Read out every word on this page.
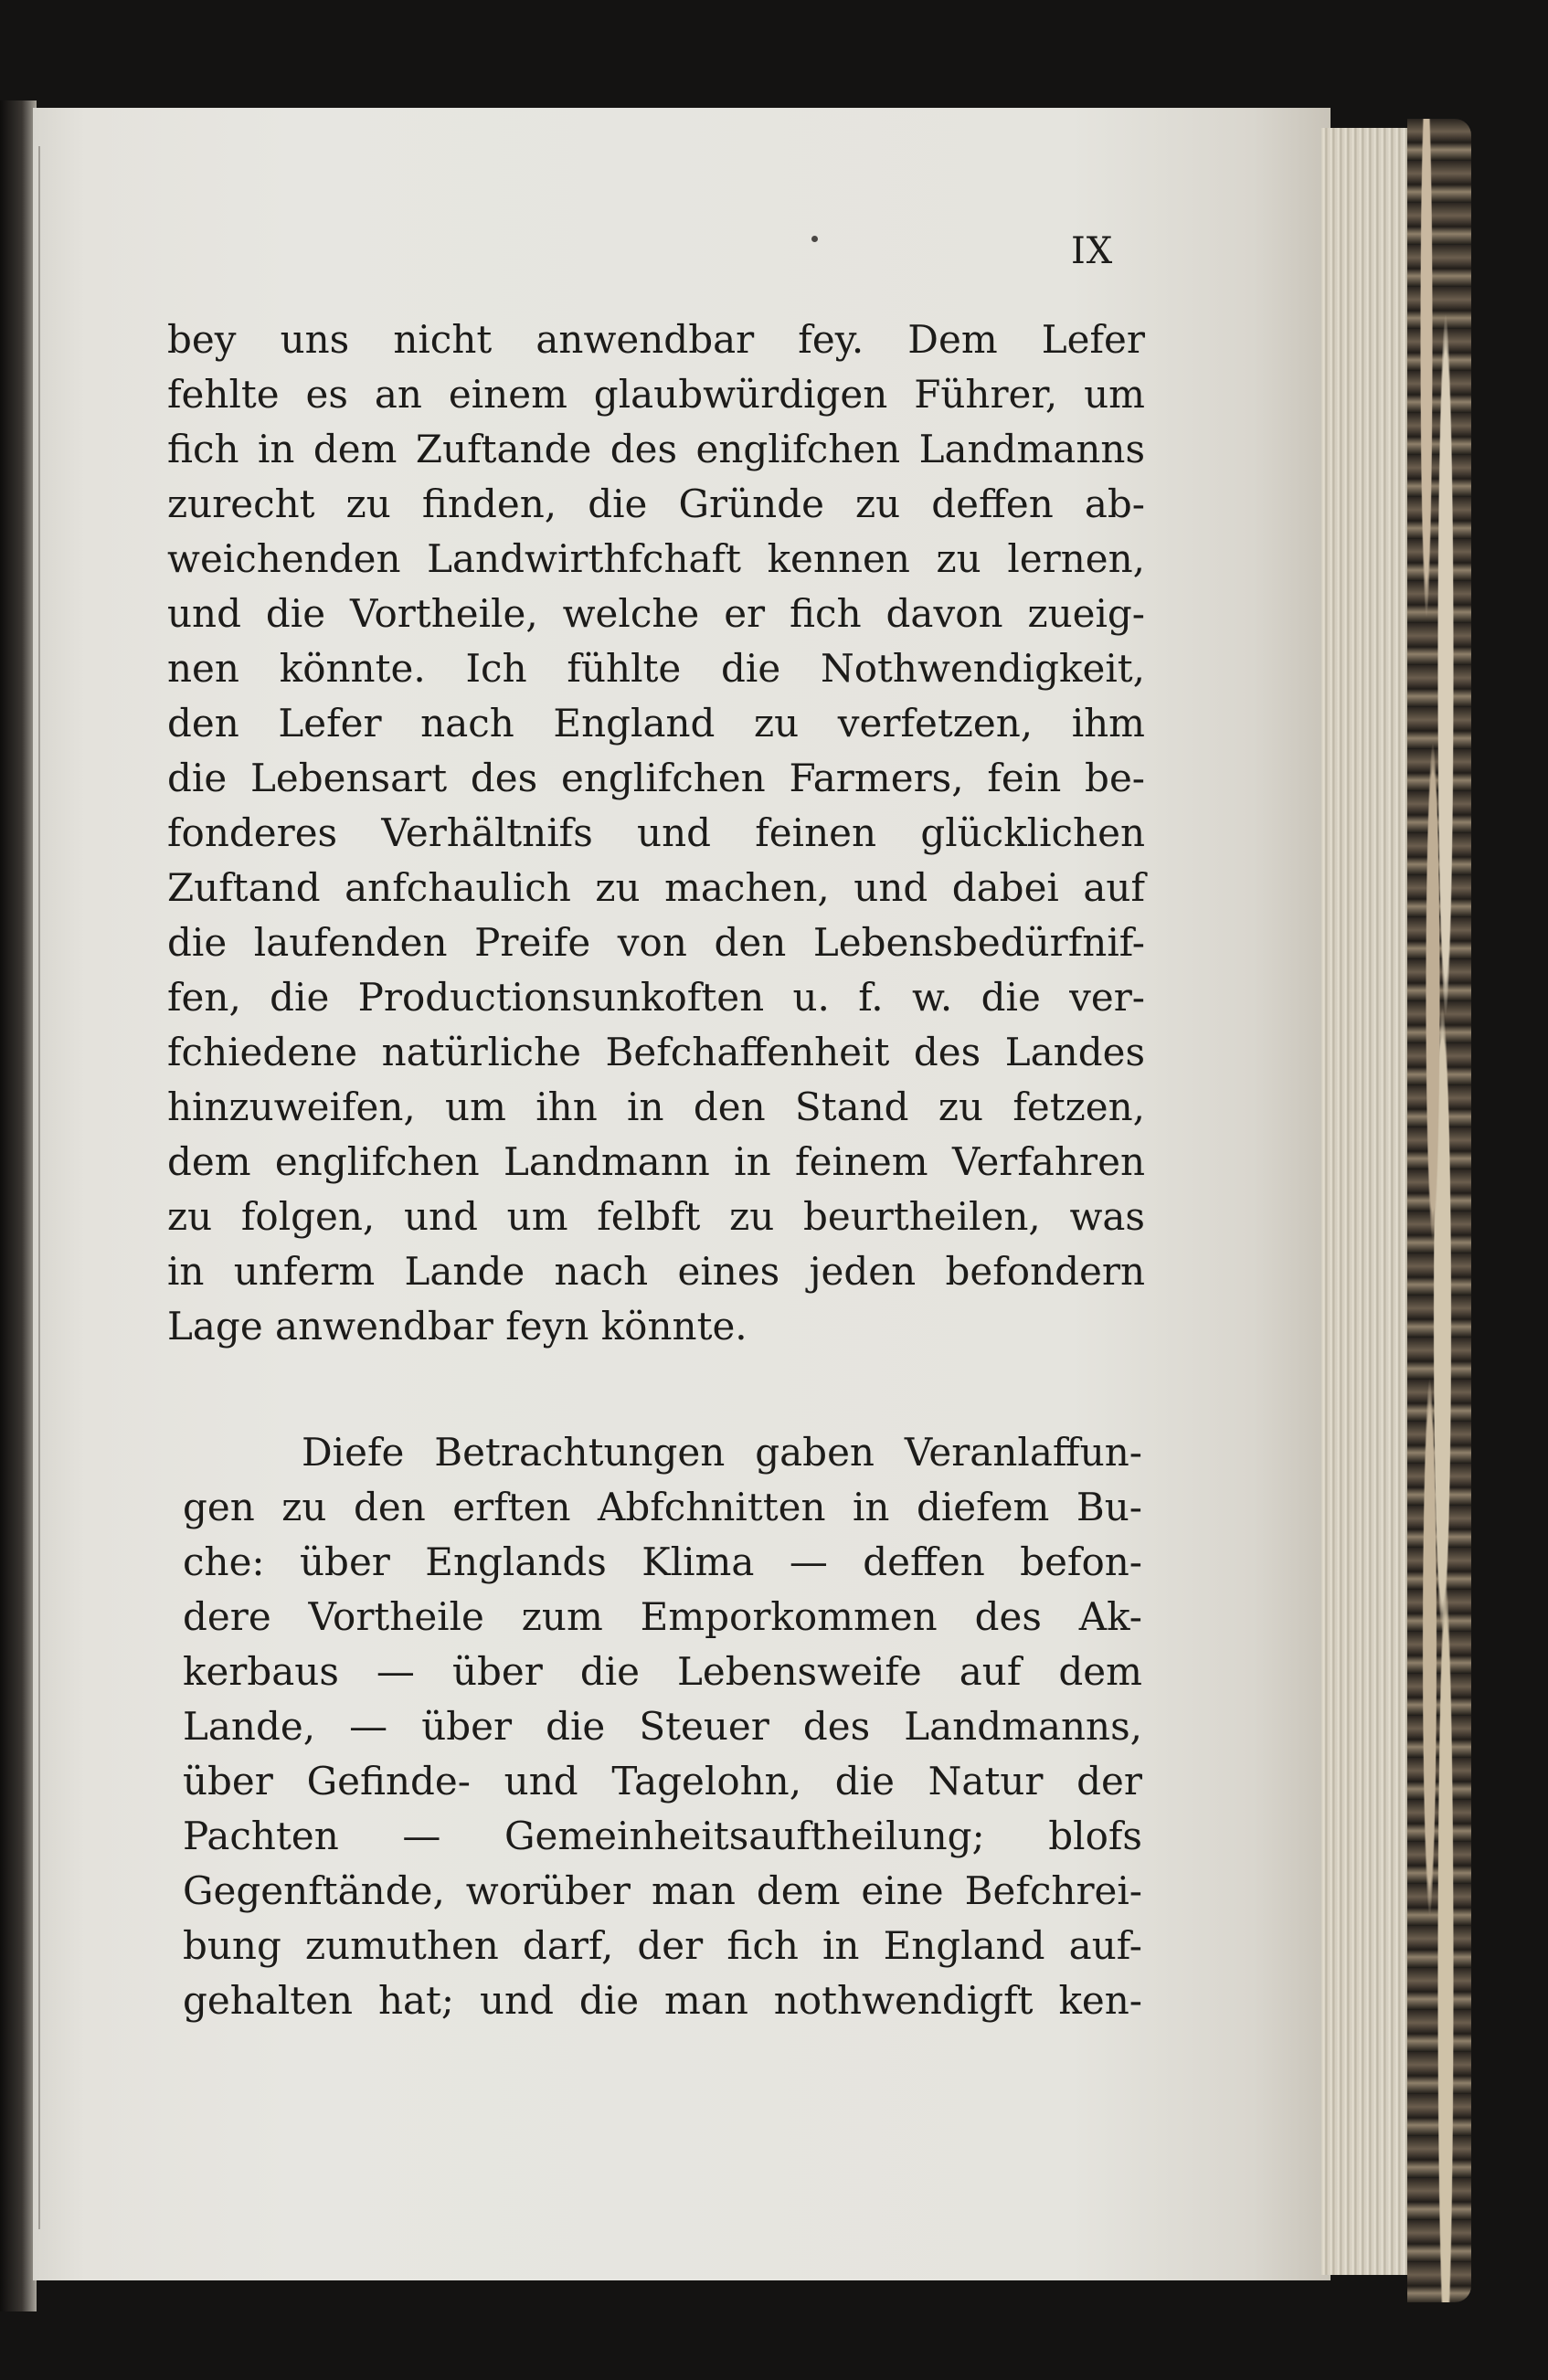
IX
bey uns nicht anwendbar fey. Dem Lefer
fehlte es an einem glaubwürdigen Führer, um
fich in dem Zuftande des englifchen Landmanns
zurecht zu finden, die Gründe zu deffen ab-
weichenden Landwirthfchaft kennen zu lernen,
und die Vortheile, welche er fich davon zueig-
nen könnte. Ich fühlte die Nothwendigkeit,
den Lefer nach England zu verfetzen, ihm
die Lebensart des englifchen Farmers, fein be-
fonderes Verhältnifs und feinen glücklichen
Zuftand anfchaulich zu machen, und dabei auf
die laufenden Preife von den Lebensbedürfnif-
fen, die Productionsunkoften u. f. w. die ver-
fchiedene natürliche Befchaffenheit des Landes
hinzuweifen, um ihn in den Stand zu fetzen,
dem englifchen Landmann in feinem Verfahren
zu folgen, und um felbft zu beurtheilen, was
in unferm Lande nach eines jeden befondern
Lage anwendbar feyn könnte.
Diefe Betrachtungen gaben Veranlaffun-
gen zu den erften Abfchnitten in diefem Bu-
che: über Englands Klima — deffen befon-
dere Vortheile zum Emporkommen des Ak-
kerbaus — über die Lebensweife auf dem
Lande, — über die Steuer des Landmanns,
über Gefinde- und Tagelohn, die Natur der
Pachten — Gemeinheitsauftheilung; blofs
Gegenftände, worüber man dem eine Befchrei-
bung zumuthen darf, der fich in England auf-
gehalten hat; und die man nothwendigft ken-
